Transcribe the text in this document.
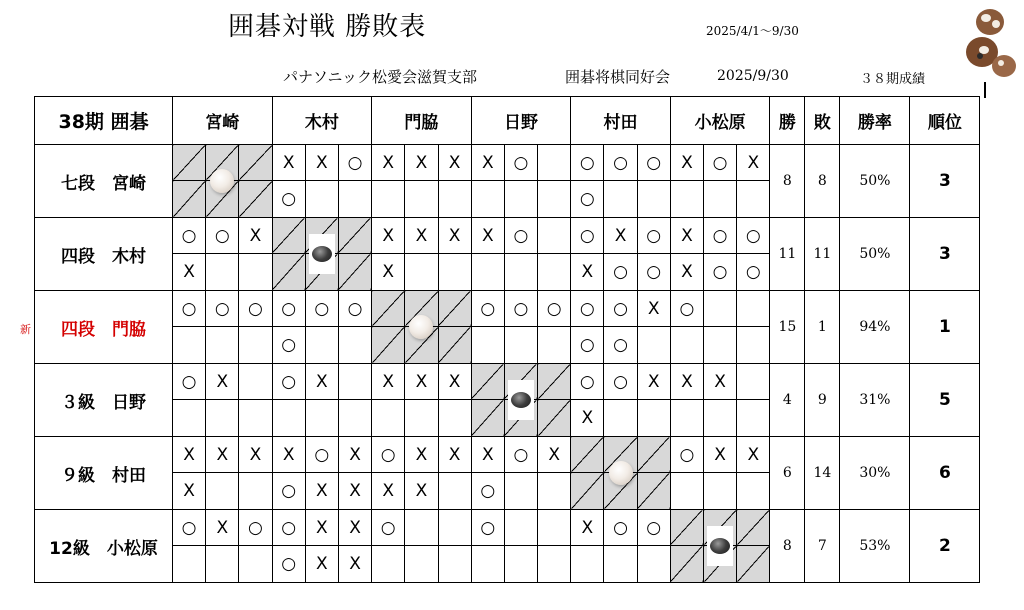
囲碁対戦 勝敗表	2025/4/1～9/30
パナソニック松愛会滋賀支部	囲碁将棋同好会	2025/9/30	３８期成績
新
38期 囲碁	宮崎			木村			門脇			日野			村田			小松原			勝	敗	勝率	順位
七段　宮崎				X	X	○	X	X	X	X	○		○	○	○	X	○	X	8	8	50%	3
				○									○									
四段　木村	○	○	X				X	X	X	X	○		○	X	○	X	○	○	11	11	50%	3
	X						X						X	○	○	X	○	○				
四段　門脇	○	○	○	○	○	○				○	○	○	○	○	X	○			15	1	94%	1
				○									○	○								
３級　日野	○	X		○	X		X	X	X				○	○	X	X	X		4	9	31%	5
													X									
９級　村田	X	X	X	X	○	X	○	X	X	X	○	X				○	X	X	6	14	30%	6
	X			○	X	X	X	X		○												
12級　小松原	○	X	○	○	X	X	○			○			X	○	○				8	7	53%	2
				○	X	X																
